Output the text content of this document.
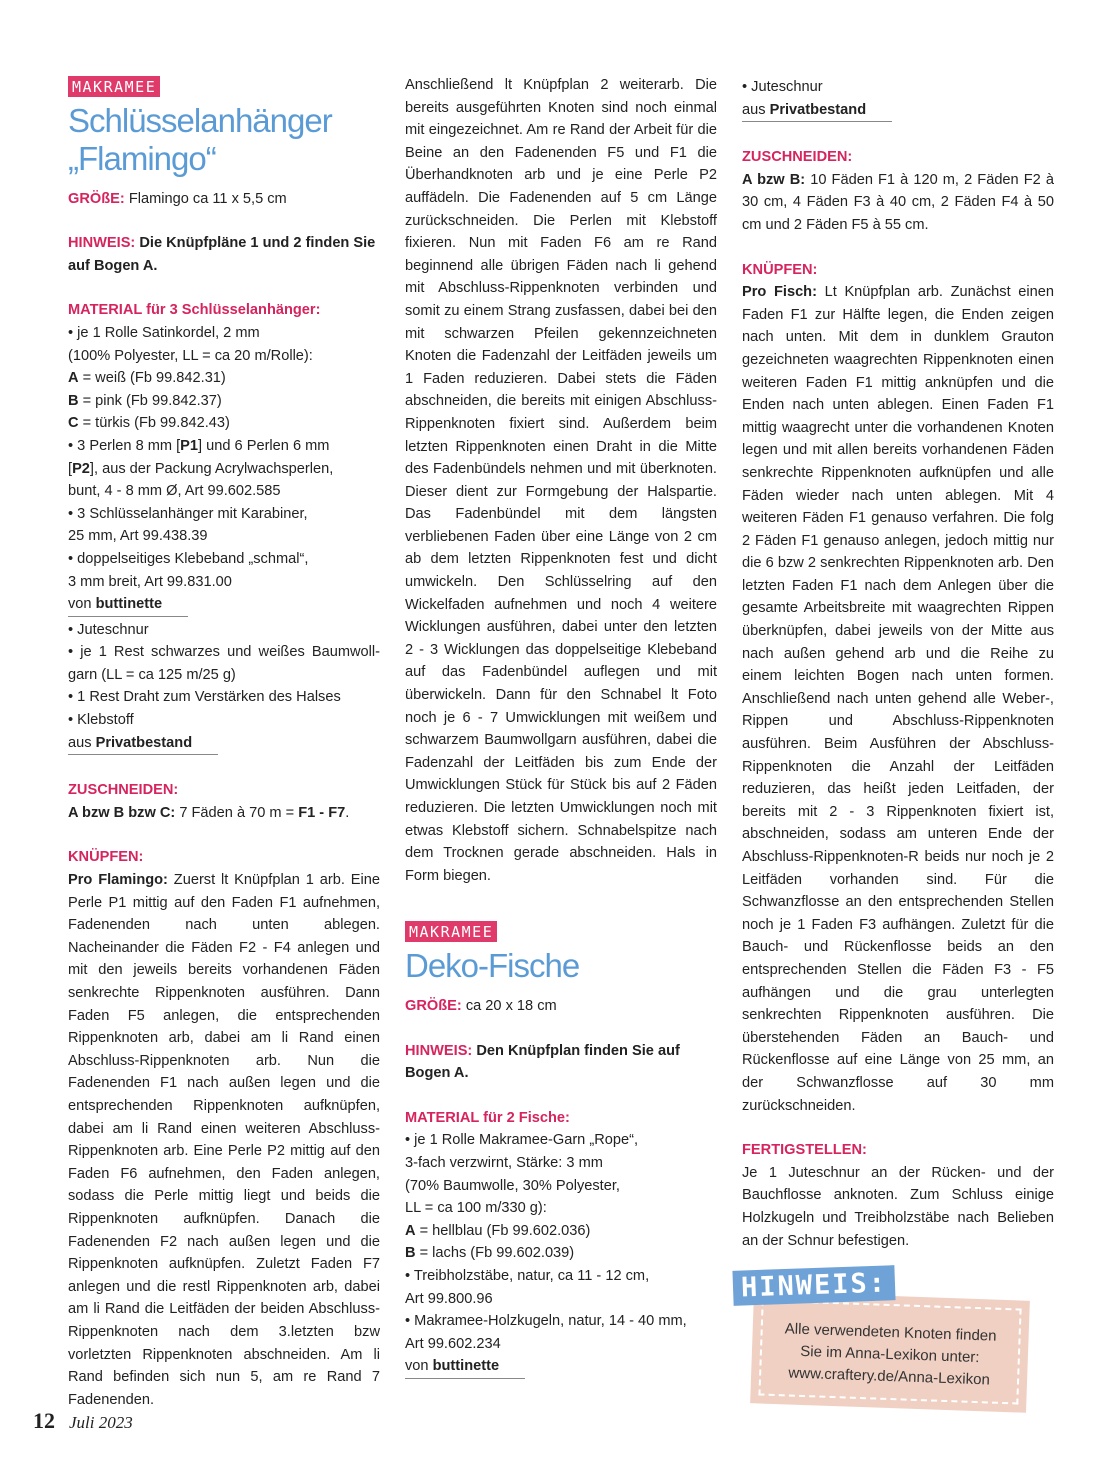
MAKRAMEE
Schlüsselanhänger
„Flamingo“
GRÖßE: Flamingo ca 11 x 5,5 cm
HINWEIS: Die Knüpfpläne 1 und 2 finden Sie auf Bogen A.
MATERIAL für 3 Schlüsselanhänger:
• je 1 Rolle Satinkordel, 2 mm
(100% Polyester, LL = ca 20 m/Rolle):
A = weiß (Fb 99.842.31)
B = pink (Fb 99.842.37)
C = türkis (Fb 99.842.43)
• 3 Perlen 8 mm [P1] und 6 Perlen 6 mm
[P2], aus der Packung Acrylwachsperlen,
bunt, 4 - 8 mm Ø, Art 99.602.585
• 3 Schlüsselanhänger mit Karabiner,
25 mm, Art 99.438.39
• doppelseitiges Klebeband „schmal“,
3 mm breit, Art 99.831.00
von buttinette
• Juteschnur
• je 1 Rest schwarzes und weißes Baumwoll-garn (LL = ca 125 m/25 g)
• 1 Rest Draht zum Verstärken des Halses
• Klebstoff
aus Privatbestand
ZUSCHNEIDEN:
A bzw B bzw C: 7 Fäden à 70 m = F1 - F7.
KNÜPFEN:
Pro Flamingo: Zuerst lt Knüpfplan 1 arb. Eine Perle P1 mittig auf den Faden F1 aufnehmen, Fadenenden nach unten ablegen. Nacheinander die Fäden F2 - F4 anlegen und mit den jeweils bereits vorhandenen Fäden senkrechte Rippenknoten ausführen. Dann Faden F5 anlegen, die entsprechenden Rippenknoten arb, dabei am li Rand einen Abschluss-Rippenknoten arb. Nun die Fadenenden F1 nach außen legen und die entsprechenden Rippenknoten aufknüpfen, dabei am li Rand einen weiteren Abschluss-Rippenknoten arb. Eine Perle P2 mittig auf den Faden F6 aufnehmen, den Faden anlegen, sodass die Perle mittig liegt und beids die Rippenknoten aufknüpfen. Danach die Fadenenden F2 nach außen legen und die Rippenknoten aufknüpfen. Zuletzt Faden F7 anlegen und die restl Rippenknoten arb, dabei am li Rand die Leitfäden der beiden Abschluss-Rippenknoten nach dem 3.letzten bzw vorletzten Rippenknoten abschneiden. Am li Rand befinden sich nun 5, am re Rand 7 Fadenenden.
Anschließend lt Knüpfplan 2 weiterarb. Die bereits ausgeführten Knoten sind noch einmal mit eingezeichnet. Am re Rand der Arbeit für die Beine an den Fadenenden F5 und F1 die Überhandknoten arb und je eine Perle P2 auffädeln. Die Fadenenden auf 5 cm Länge zurückschneiden. Die Perlen mit Klebstoff fixieren. Nun mit Faden F6 am re Rand beginnend alle übrigen Fäden nach li gehend mit Abschluss-Rippenknoten verbinden und somit zu einem Strang zusfassen, dabei bei den mit schwarzen Pfeilen gekennzeichneten Knoten die Fadenzahl der Leitfäden jeweils um 1 Faden reduzieren. Dabei stets die Fäden abschneiden, die bereits mit einigen Abschluss-Rippenknoten fixiert sind. Außerdem beim letzten Rippenknoten einen Draht in die Mitte des Fadenbündels nehmen und mit überknoten. Dieser dient zur Formgebung der Halspartie. Das Fadenbündel mit dem längsten verbliebenen Faden über eine Länge von 2 cm ab dem letzten Rippenknoten fest und dicht umwickeln. Den Schlüsselring auf den Wickelfaden aufnehmen und noch 4 weitere Wicklungen ausführen, dabei unter den letzten 2 - 3 Wicklungen das doppelseitige Klebeband auf das Fadenbündel auflegen und mit überwickeln. Dann für den Schnabel lt Foto noch je 6 - 7 Umwicklungen mit weißem und schwarzem Baumwollgarn ausführen, dabei die Fadenzahl der Leitfäden bis zum Ende der Umwicklungen Stück für Stück bis auf 2 Fäden reduzieren. Die letzten Umwicklungen noch mit etwas Klebstoff sichern. Schnabelspitze nach dem Trocknen gerade abschneiden. Hals in Form biegen.
MAKRAMEE
Deko-Fische
GRÖßE: ca 20 x 18 cm
HINWEIS: Den Knüpfplan finden Sie auf Bogen A.
MATERIAL für 2 Fische:
• je 1 Rolle Makramee-Garn „Rope“,
3-fach verzwirnt, Stärke: 3 mm
(70% Baumwolle, 30% Polyester,
LL = ca 100 m/330 g):
A = hellblau (Fb 99.602.036)
B = lachs (Fb 99.602.039)
• Treibholzstäbe, natur, ca 11 - 12 cm,
Art 99.800.96
• Makramee-Holzkugeln, natur, 14 - 40 mm,
Art 99.602.234
von buttinette
• Juteschnur
aus Privatbestand
ZUSCHNEIDEN:
A bzw B: 10 Fäden F1 à 120 m, 2 Fäden F2 à 30 cm, 4 Fäden F3 à 40 cm, 2 Fäden F4 à 50 cm und 2 Fäden F5 à 55 cm.
KNÜPFEN:
Pro Fisch: Lt Knüpfplan arb. Zunächst einen Faden F1 zur Hälfte legen, die Enden zeigen nach unten. Mit dem in dunklem Grauton gezeichneten waagrechten Rippenknoten einen weiteren Faden F1 mittig anknüpfen und die Enden nach unten ablegen. Einen Faden F1 mittig waagrecht unter die vorhandenen Knoten legen und mit allen bereits vorhandenen Fäden senkrechte Rippenknoten aufknüpfen und alle Fäden wieder nach unten ablegen. Mit 4 weiteren Fäden F1 genauso verfahren. Die folg 2 Fäden F1 genauso anlegen, jedoch mittig nur die 6 bzw 2 senkrechten Rippenknoten arb. Den letzten Faden F1 nach dem Anlegen über die gesamte Arbeitsbreite mit waagrechten Rippen überknüpfen, dabei jeweils von der Mitte aus nach außen gehend arb und die Reihe zu einem leichten Bogen nach unten formen. Anschließend nach unten gehend alle Weber-, Rippen und Abschluss-Rippenknoten ausführen. Beim Ausführen der Abschluss-Rippenknoten die Anzahl der Leitfäden reduzieren, das heißt jeden Leitfaden, der bereits mit 2 - 3 Rippenknoten fixiert ist, abschneiden, sodass am unteren Ende der Abschluss-Rippenknoten-R beids nur noch je 2 Leitfäden vorhanden sind. Für die Schwanzflosse an den entsprechenden Stellen noch je 1 Faden F3 aufhängen. Zuletzt für die Bauch- und Rückenflosse beids an den entsprechenden Stellen die Fäden F3 - F5 aufhängen und die grau unterlegten senkrechten Rippenknoten ausführen. Die überstehenden Fäden an Bauch- und Rückenflosse auf eine Länge von 25 mm, an der Schwanzflosse auf 30 mm zurückschneiden.
FERTIGSTELLEN:
Je 1 Juteschnur an der Rücken- und der Bauchflosse anknoten. Zum Schluss einige Holzkugeln und Treibholzstäbe nach Belieben an der Schnur befestigen.
Alle verwendeten Knoten finden
Sie im Anna-Lexikon unter:
www.craftery.de/Anna-Lexikon
HINWEIS:
12 Juli 2023
